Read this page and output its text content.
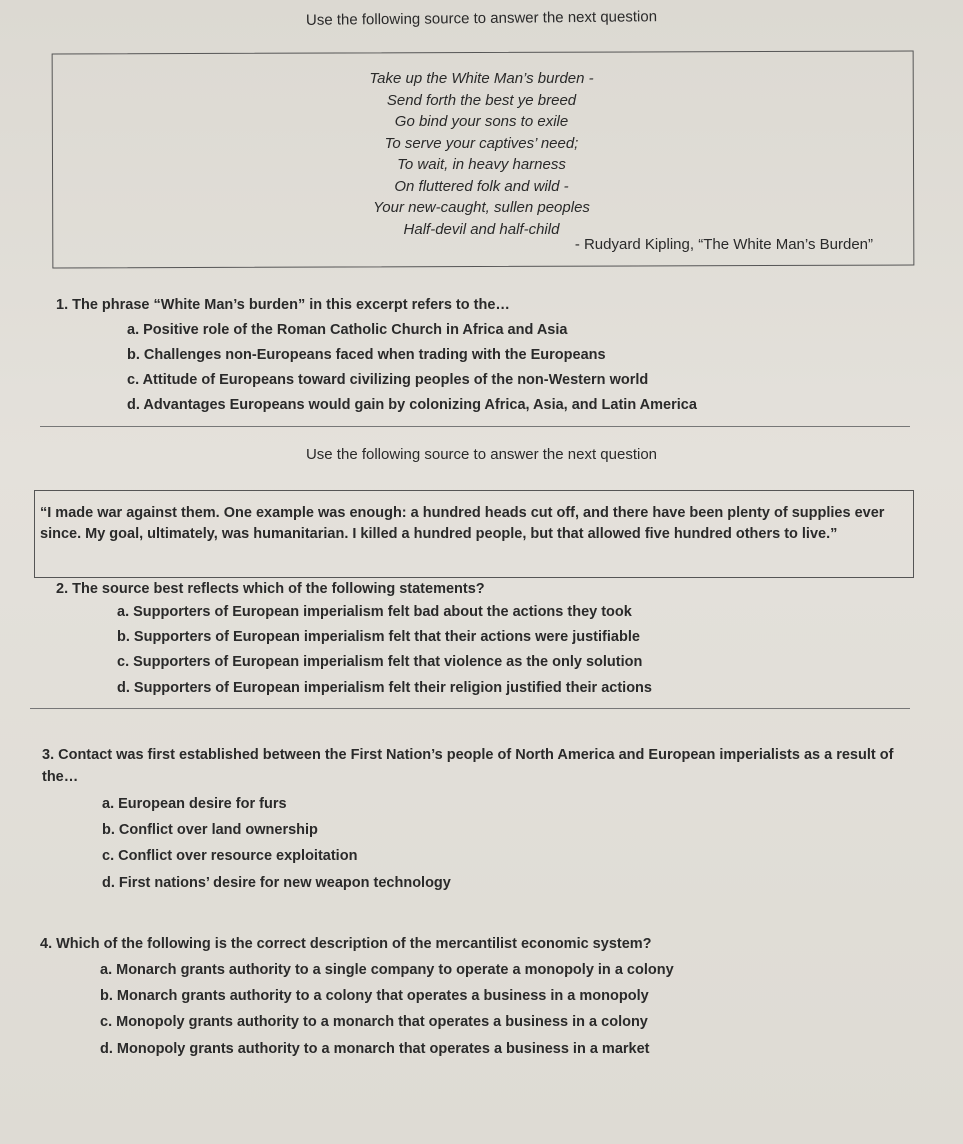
Use the following source to answer the next question
Take up the White Man’s burden -
Send forth the best ye breed
Go bind your sons to exile
To serve your captives’ need;
To wait, in heavy harness
On fluttered folk and wild -
Your new-caught, sullen peoples
Half-devil and half-child
- Rudyard Kipling, “The White Man’s Burden”
1. The phrase “White Man’s burden” in this excerpt refers to the…
a. Positive role of the Roman Catholic Church in Africa and Asia
b. Challenges non-Europeans faced when trading with the Europeans
c. Attitude of Europeans toward civilizing peoples of the non-Western world
d. Advantages Europeans would gain by colonizing Africa, Asia, and Latin America
Use the following source to answer the next question
“I made war against them. One example was enough: a hundred heads cut off, and there have been plenty of supplies ever since. My goal, ultimately, was humanitarian. I killed a hundred people, but that allowed five hundred others to live.”
2. The source best reflects which of the following statements?
a. Supporters of European imperialism felt bad about the actions they took
b. Supporters of European imperialism felt that their actions were justifiable
c. Supporters of European imperialism felt that violence as the only solution
d. Supporters of European imperialism felt their religion justified their actions
3. Contact was first established between the First Nation’s people of North America and European imperialists as a result of the…
a. European desire for furs
b. Conflict over land ownership
c. Conflict over resource exploitation
d. First nations’ desire for new weapon technology
4. Which of the following is the correct description of the mercantilist economic system?
a. Monarch grants authority to a single company to operate a monopoly in a colony
b. Monarch grants authority to a colony that operates a business in a monopoly
c. Monopoly grants authority to a monarch that operates a business in a colony
d. Monopoly grants authority to a monarch that operates a business in a market
